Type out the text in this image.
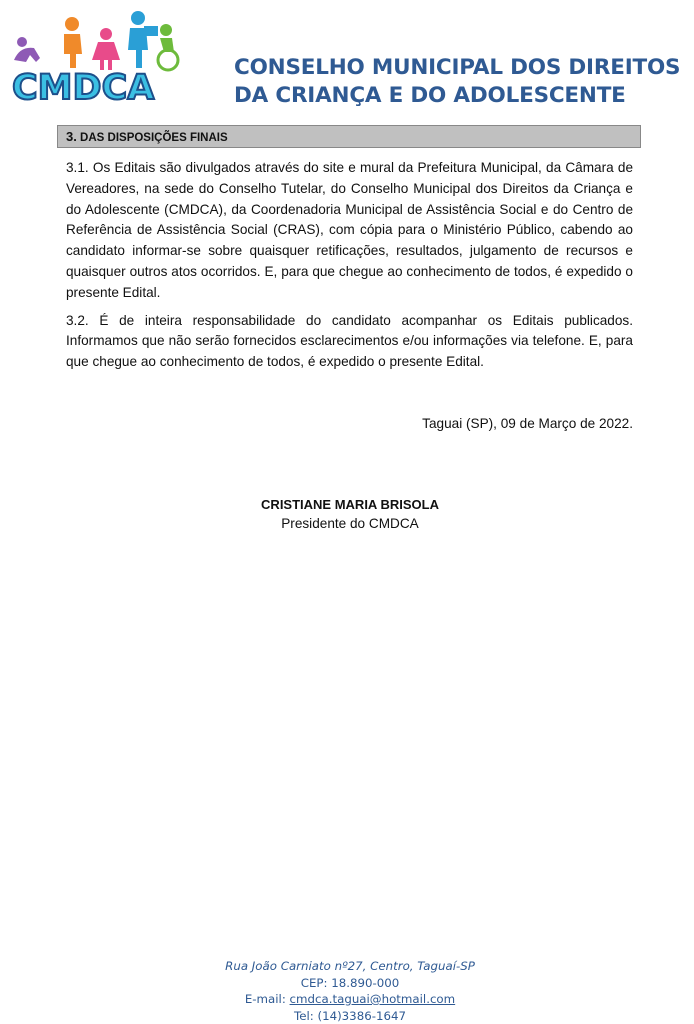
CMDCA
CONSELHO MUNICIPAL DOS DIREITOS
DA CRIANÇA E DO ADOLESCENTE
3. DAS DISPOSIÇÕES FINAIS

3.1. Os Editais são divulgados através do site e mural da Prefeitura Municipal, da Câmara de Vereadores, na sede do Conselho Tutelar, do Conselho Municipal dos Direitos da Criança e do Adolescente (CMDCA), da Coordenadoria Municipal de Assistência Social e do Centro de Referência de Assistência Social (CRAS), com cópia para o Ministério Público, cabendo ao candidato informar-se sobre quaisquer retificações, resultados, julgamento de recursos e quaisquer outros atos ocorridos. E, para que chegue ao conhecimento de todos, é expedido o presente Edital.

3.2. É de inteira responsabilidade do candidato acompanhar os Editais publicados. Informamos que não serão fornecidos esclarecimentos e/ou informações via telefone. E, para que chegue ao conhecimento de todos, é expedido o presente Edital.

Taguai (SP), 09 de Março de 2022.
CRISTIANE MARIA BRISOLA
Presidente do CMDCA
Rua João Carniato nº27, Centro, Taguaí-SP
CEP: 18.890-000
E-mail: cmdca.taguai@hotmail.com
Tel: (14)3386-1647
